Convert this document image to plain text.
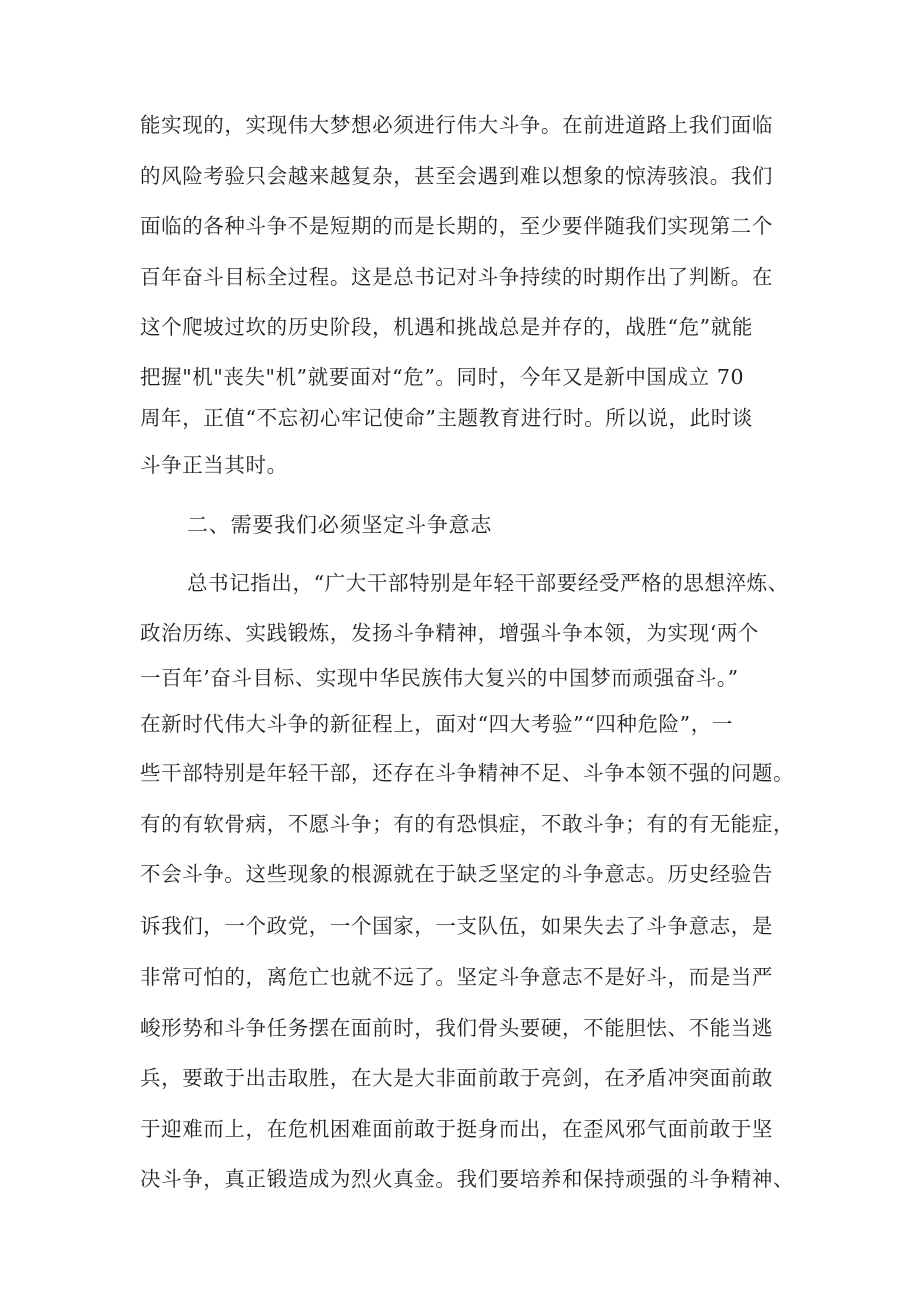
能实现的，实现伟大梦想必须进行伟大斗争。在前进道路上我们面临
的风险考验只会越来越复杂，甚至会遇到难以想象的惊涛骇浪。我们
面临的各种斗争不是短期的而是长期的，至少要伴随我们实现第二个
百年奋斗目标全过程。这是总书记对斗争持续的时期作出了判断。在
这个爬坡过坎的历史阶段，机遇和挑战总是并存的，战胜“危”就能
把握"机"丧失"机”就要面对“危”。同时，今年又是新中国成立 70
周年，正值“不忘初心牢记使命”主题教育进行时。所以说，此时谈
斗争正当其时。
二、需要我们必须坚定斗争意志
总书记指出，“广大干部特别是年轻干部要经受严格的思想淬炼、
政治历练、实践锻炼，发扬斗争精神，增强斗争本领，为实现‘两个
一百年’奋斗目标、实现中华民族伟大复兴的中国梦而顽强奋斗。”
在新时代伟大斗争的新征程上，面对“四大考验”“四种危险”，一
些干部特别是年轻干部，还存在斗争精神不足、斗争本领不强的问题。
有的有软骨病，不愿斗争；有的有恐惧症，不敢斗争；有的有无能症，
不会斗争。这些现象的根源就在于缺乏坚定的斗争意志。历史经验告
诉我们，一个政党，一个国家，一支队伍，如果失去了斗争意志，是
非常可怕的，离危亡也就不远了。坚定斗争意志不是好斗，而是当严
峻形势和斗争任务摆在面前时，我们骨头要硬，不能胆怯、不能当逃
兵，要敢于出击取胜，在大是大非面前敢于亮剑，在矛盾冲突面前敢
于迎难而上，在危机困难面前敢于挺身而出，在歪风邪气面前敢于坚
决斗争，真正锻造成为烈火真金。我们要培养和保持顽强的斗争精神、
